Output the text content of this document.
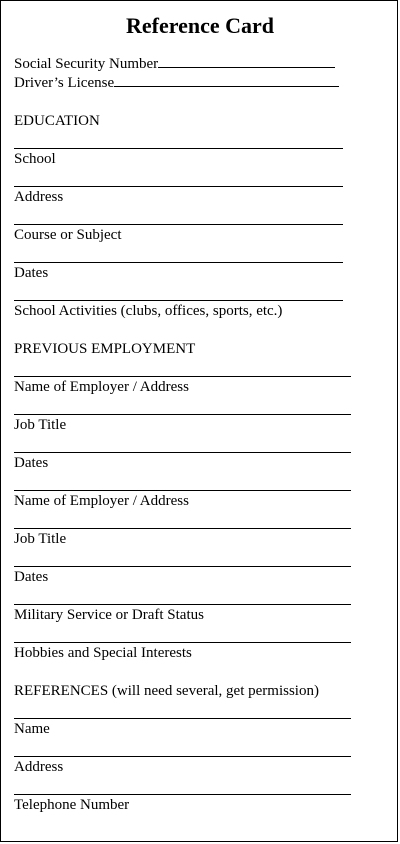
Reference Card
Social Security Number
Driver’s License
EDUCATION
School
Address
Course or Subject
Dates
School Activities (clubs, offices, sports, etc.)
PREVIOUS EMPLOYMENT
Name of Employer / Address
Job Title
Dates
Name of Employer / Address
Job Title
Dates
Military Service or Draft Status
Hobbies and Special Interests
REFERENCES (will need several, get permission)
Name
Address
Telephone Number
